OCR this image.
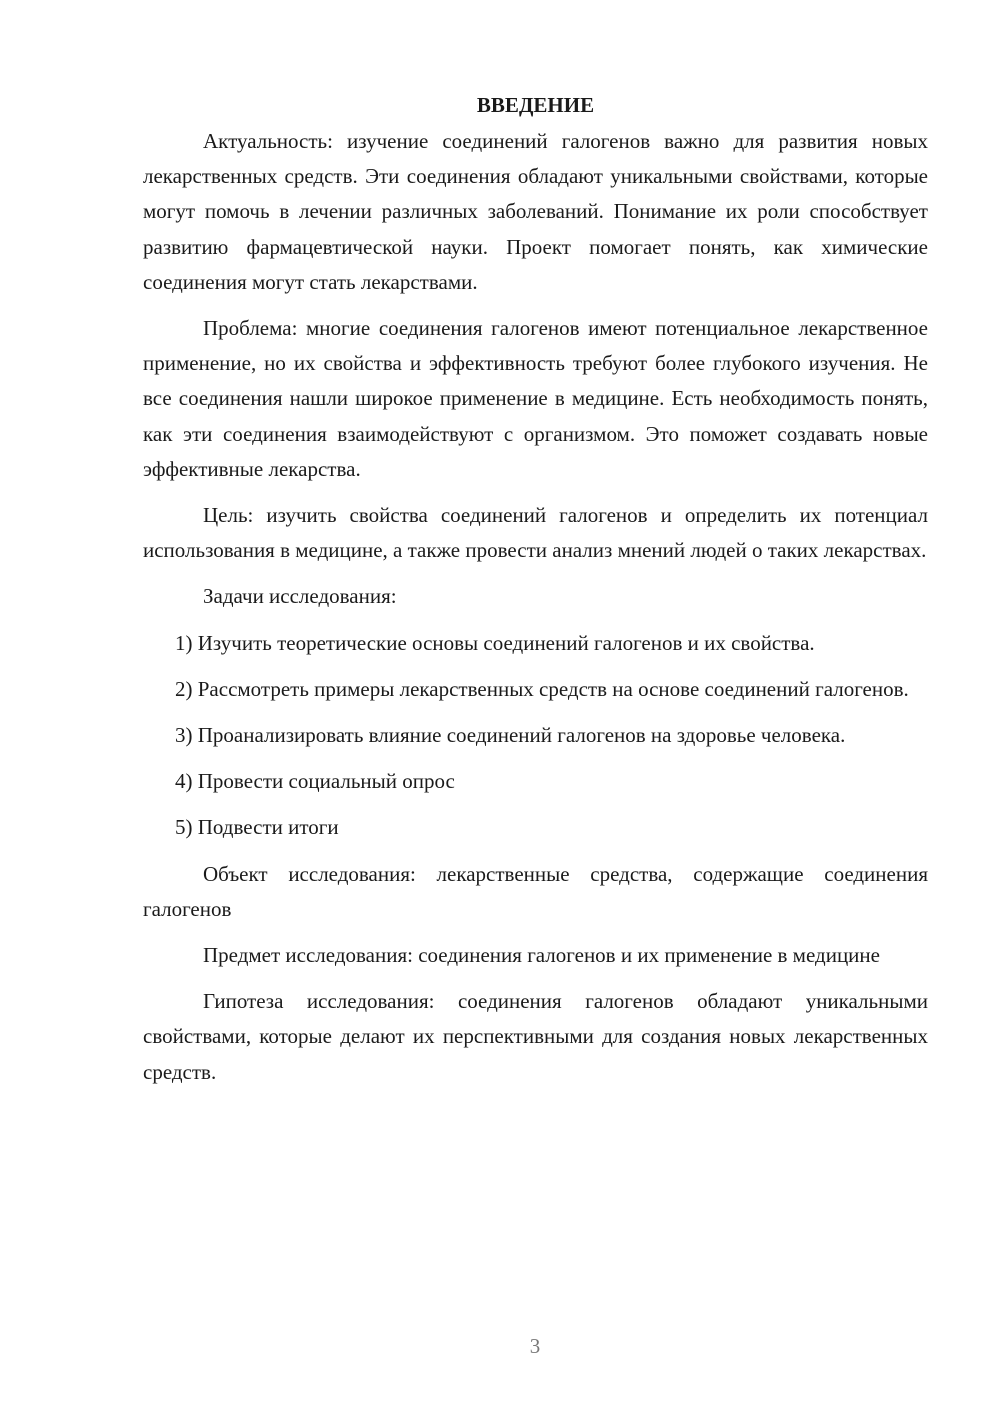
ВВЕДЕНИЕ

Актуальность: изучение соединений галогенов важно для развития новых лекарственных средств. Эти соединения обладают уникальными свойствами, которые могут помочь в лечении различных заболеваний. Понимание их роли способствует развитию фармацевтической науки. Проект помогает понять, как химические соединения могут стать лекарствами.

Проблема: многие соединения галогенов имеют потенциальное лекарственное применение, но их свойства и эффективность требуют более глубокого изучения. Не все соединения нашли широкое применение в медицине. Есть необходимость понять, как эти соединения взаимодействуют с организмом. Это поможет создавать новые эффективные лекарства.

Цель: изучить свойства соединений галогенов и определить их потенциал использования в медицине, а также провести анализ мнений людей о таких лекарствах.

Задачи исследования:

1) Изучить теоретические основы соединений галогенов и их свойства.

2) Рассмотреть примеры лекарственных средств на основе соединений галогенов.

3) Проанализировать влияние соединений галогенов на здоровье человека.

4) Провести социальный опрос

5) Подвести итоги

Объект исследования: лекарственные средства, содержащие соединения галогенов

Предмет исследования: соединения галогенов и их применение в медицине

Гипотеза исследования: соединения галогенов обладают уникальными свойствами, которые делают их перспективными для создания новых лекарственных средств.

3
